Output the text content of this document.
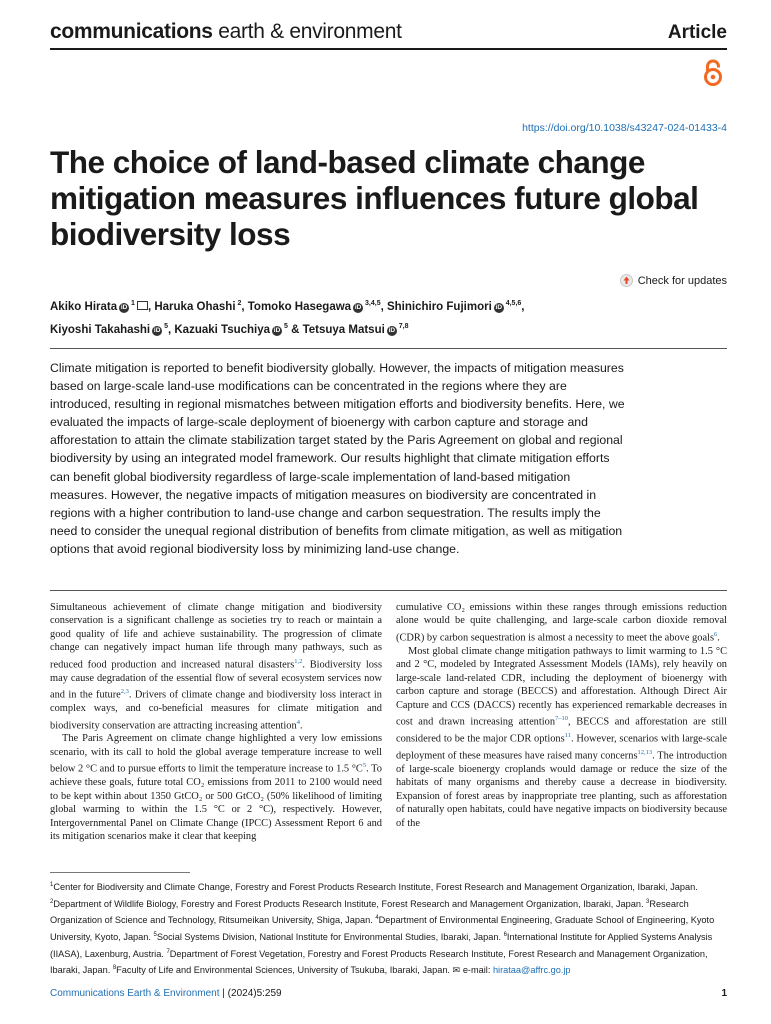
communications earth & environment	Article
https://doi.org/10.1038/s43247-024-01433-4
The choice of land-based climate change mitigation measures influences future global biodiversity loss
Check for updates
Akiko Hirata iD $^1$ , Haruka Ohashi $^2$, Tomoko Hasegawa iD $^{3,4,5}$, Shinichiro Fujimori iD $^{4,5,6}$,
Kiyoshi Takahashi iD $^5$, Kazuaki Tsuchiya iD $^5$ & Tetsuya Matsui iD $^{7,8}$
Climate mitigation is reported to benefit biodiversity globally. However, the impacts of mitigation measures based on large-scale land-use modifications can be concentrated in the regions where they are introduced, resulting in regional mismatches between mitigation efforts and biodiversity benefits. Here, we evaluated the impacts of large-scale deployment of bioenergy with carbon capture and storage and afforestation to attain the climate stabilization target stated by the Paris Agreement on global and regional biodiversity by using an integrated model framework. Our results highlight that climate mitigation efforts can benefit global biodiversity regardless of large-scale implementation of land-based mitigation measures. However, the negative impacts of mitigation measures on biodiversity are concentrated in regions with a higher contribution to land-use change and carbon sequestration. The results imply the need to consider the unequal regional distribution of benefits from climate mitigation, as well as mitigation options that avoid regional biodiversity loss by minimizing land-use change.

Simultaneous achievement of climate change mitigation and biodiversity conservation is a significant challenge as societies try to reach or maintain a good quality of life and achieve sustainability. The progression of climate change can negatively impact human life through many pathways, such as reduced food production and increased natural disasters$^{1,2}$. Biodiversity loss may cause degradation of the essential flow of several ecosystem services now and in the future$^{2,3}$. Drivers of climate change and biodiversity loss interact in complex ways, and co-beneficial measures for climate mitigation and biodiversity conservation are attracting increasing attention$^4$.

The Paris Agreement on climate change highlighted a very low emissions scenario, with its call to hold the global average temperature increase to well below 2 °C and to pursue efforts to limit the temperature increase to 1.5 $^\circ C^5$. To achieve these goals, future total CO₂ emissions from 2011 to 2100 would need to be kept within about 1350 GtCO₂ or 500 GtCO₂ (50% likelihood of limiting global warming to within the 1.5 °C or 2 °C), respectively. However, Intergovernmental Panel on Climate Change (IPCC) Assessment Report 6 and its mitigation scenarios make it clear that keeping

cumulative CO₂ emissions within these ranges through emissions reduction alone would be quite challenging, and large-scale carbon dioxide removal (CDR) by carbon sequestration is almost a necessity to meet the above goals$^6$.

Most global climate change mitigation pathways to limit warming to 1.5 °C and 2 °C, modeled by Integrated Assessment Models (IAMs), rely heavily on large-scale land-related CDR, including the deployment of bioenergy with carbon capture and storage (BECCS) and afforestation. Although Direct Air Capture and CCS (DACCS) recently has experienced remarkable decreases in cost and drawn increasing attention$^{7-10}$, BECCS and afforestation are still considered to be the major CDR options$^{11}$. However, scenarios with large-scale deployment of these measures have raised many concerns$^{12,13}$. The introduction of large-scale bioenergy croplands would damage or reduce the size of the habitats of many organisms and thereby cause a decrease in biodiversity. Expansion of forest areas by inappropriate tree planting, such as afforestation of naturally open habitats, could have negative impacts on biodiversity because of the

$^1$Center for Biodiversity and Climate Change, Forestry and Forest Products Research Institute, Forest Research and Management Organization, Ibaraki, Japan. $^2$Department of Wildlife Biology, Forestry and Forest Products Research Institute, Forest Research and Management Organization, Ibaraki, Japan. $^3$Research Organization of Science and Technology, Ritsumeikan University, Shiga, Japan. $^4$Department of Environmental Engineering, Graduate School of Engineering, Kyoto University, Kyoto, Japan. $^5$Social Systems Division, National Institute for Environmental Studies, Ibaraki, Japan. $^6$International Institute for Applied Systems Analysis (IIASA), Laxenburg, Austria. $^7$Department of Forest Vegetation, Forestry and Forest Products Research Institute, Forest Research and Management Organization, Ibaraki, Japan. $^8$Faculty of Life and Environmental Sciences, University of Tsukuba, Ibaraki, Japan. ✉ e-mail: hirataa@affrc.go.jp
Communications Earth & Environment | (2024)5:259	1
